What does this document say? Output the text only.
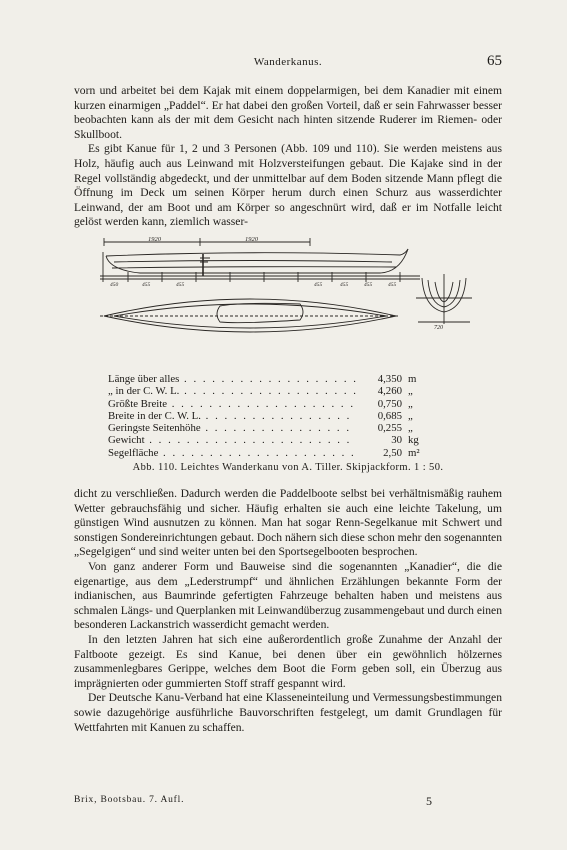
Wanderkanus.	65

vorn und arbeitet bei dem Kajak mit einem doppelarmigen, bei dem Kanadier mit einem kurzen einarmigen „Paddel“. Er hat dabei den großen Vorteil, daß er sein Fahrwasser besser beobachten kann als der mit dem Gesicht nach hinten sitzende Ruderer im Riemen- oder Skullboot.

Es gibt Kanue für 1, 2 und 3 Personen (Abb. 109 und 110). Sie werden meistens aus Holz, häufig auch aus Leinwand mit Holzversteifungen gebaut. Die Kajake sind in der Regel vollständig abgedeckt, und der unmittelbar auf dem Boden sitzende Mann pflegt die Öffnung im Deck um seinen Körper herum durch einen Schurz aus wasserdichter Leinwand, der am Boot und am Körper so angeschnürt wird, daß er im Notfalle leicht gelöst werden kann, ziemlich wasser-

1920	1920
450	455	455	455	455	455	455
720
Länge über alles . . .	4,350 m
„ in der C. W. L. . . .	4,260 „
Größte Breite . . .	0,750 „
Breite in der C. W. L. . . .	0,685 „
Geringste Seitenhöhe . . .	0,255 „
Gewicht . . .	30 kg
Segelfläche . . .	2,50 m²
Abb. 110. Leichtes Wanderkanu von A. Tiller. Skipjackform. 1 : 50.

dicht zu verschließen. Dadurch werden die Paddelboote selbst bei verhältnismäßig rauhem Wetter gebrauchsfähig und sicher. Häufig erhalten sie auch eine leichte Takelung, um günstigen Wind ausnutzen zu können. Man hat sogar Renn-Segelkanue mit Schwert und sonstigen Sondereinrichtungen gebaut. Doch nähern sich diese schon mehr den sogenannten „Segelgigen“ und sind weiter unten bei den Sportsegelbooten besprochen.

Von ganz anderer Form und Bauweise sind die sogenannten „Kanadier“, die die eigenartige, aus dem „Lederstrumpf“ und ähnlichen Erzählungen bekannte Form der indianischen, aus Baumrinde gefertigten Fahrzeuge behalten haben und meistens aus schmalen Längs- und Querplanken mit Leinwandüberzug zusammengebaut und durch einen besonderen Lackanstrich wasserdicht gemacht werden.

In den letzten Jahren hat sich eine außerordentlich große Zunahme der Anzahl der Faltboote gezeigt. Es sind Kanue, bei denen über ein gewöhnlich hölzernes zusammenlegbares Gerippe, welches dem Boot die Form geben soll, ein Überzug aus imprägnierten oder gummierten Stoff straff gespannt wird.

Der Deutsche Kanu-Verband hat eine Klasseneinteilung und Vermessungsbestimmungen sowie dazugehörige ausführliche Bauvorschriften festgelegt, um damit Grundlagen für Wettfahrten mit Kanuen zu schaffen.

Brix, Bootsbau. 7. Aufl.	5
